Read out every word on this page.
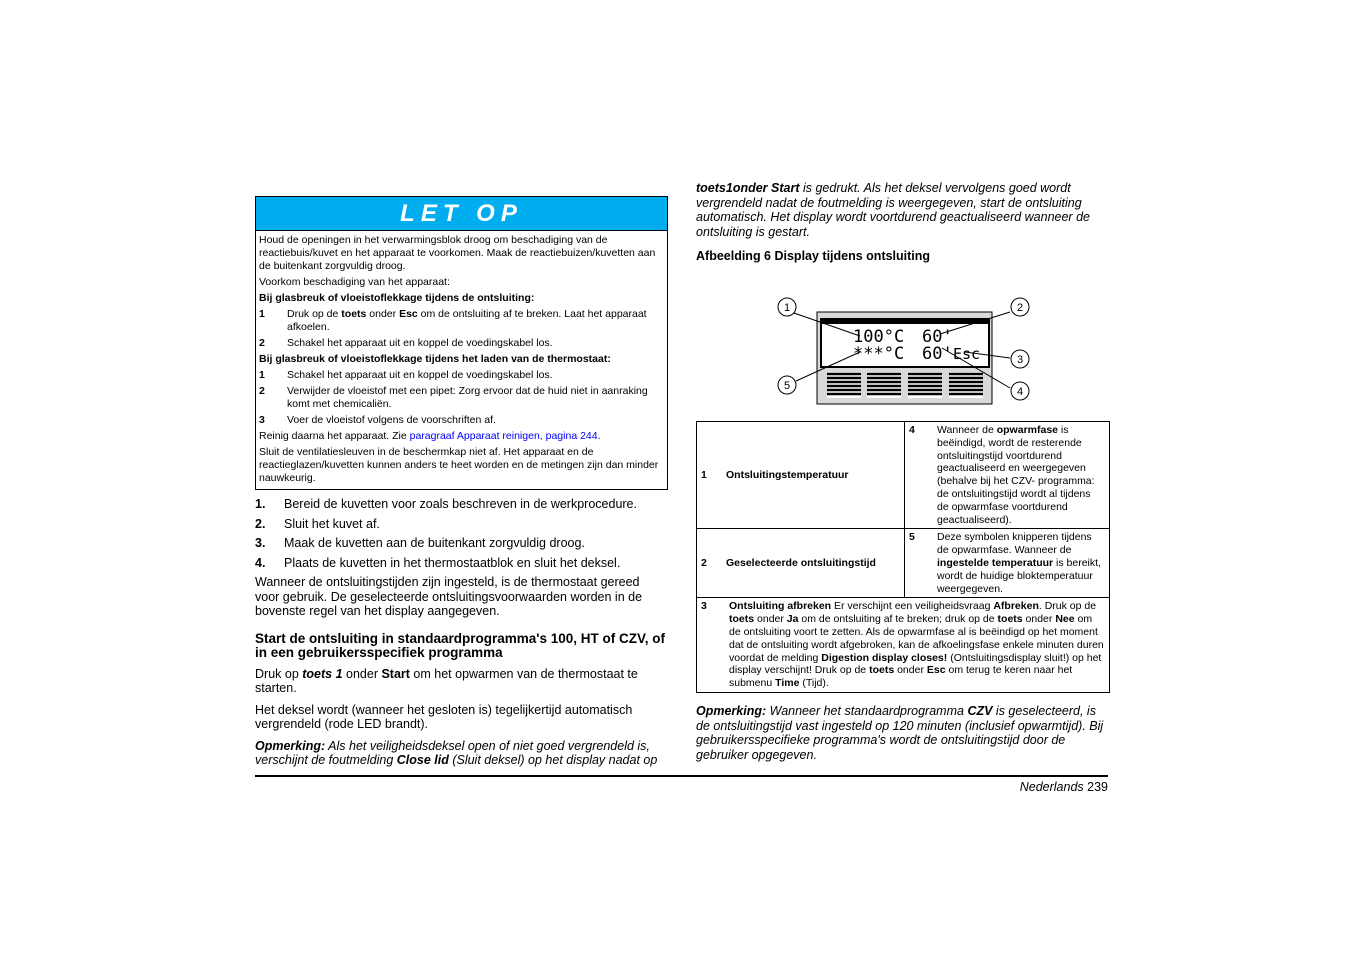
LET OP

Houd de openingen in het verwarmingsblok droog om beschadiging van de reactiebuis/kuvet en het apparaat te voorkomen. Maak de reactiebuizen/kuvetten aan de buitenkant zorgvuldig droog.

Voorkom beschadiging van het apparaat:

Bij glasbreuk of vloeistoflekkage tijdens de ontsluiting:

1	Druk op de toets onder Esc om de ontsluiting af te breken. Laat het apparaat afkoelen.
2	Schakel het apparaat uit en koppel de voedingskabel los.

Bij glasbreuk of vloeistoflekkage tijdens het laden van de thermostaat:

1	Schakel het apparaat uit en koppel de voedingskabel los.
2	Verwijder de vloeistof met een pipet: Zorg ervoor dat de huid niet in aanraking komt met chemicaliën.
3	Voer de vloeistof volgens de voorschriften af.

Reinig daarna het apparaat. Zie paragraaf Apparaat reinigen, pagina 244.

Sluit de ventilatiesleuven in de beschermkap niet af. Het apparaat en de reactieglazen/kuvetten kunnen anders te heet worden en de metingen zijn dan minder nauwkeurig.

1.	Bereid de kuvetten voor zoals beschreven in de werkprocedure.
2.	Sluit het kuvet af.
3.	Maak de kuvetten aan de buitenkant zorgvuldig droog.
4.	Plaats de kuvetten in het thermostaatblok en sluit het deksel.

Wanneer de ontsluitingstijden zijn ingesteld, is de thermostaat gereed voor gebruik. De geselecteerde ontsluitingsvoorwaarden worden in de bovenste regel van het display aangegeven.

Start de ontsluiting in standaardprogramma's 100, HT of CZV, of in een gebruikersspecifiek programma

Druk op toets 1 onder Start om het opwarmen van de thermostaat te starten.

Het deksel wordt (wanneer het gesloten is) tegelijkertijd automatisch vergrendeld (rode LED brandt).

Opmerking: Als het veiligheidsdeksel open of niet goed vergrendeld is, verschijnt de foutmelding Close lid (Sluit deksel) op het display nadat op

toets1onder Start is gedrukt. Als het deksel vervolgens goed wordt vergrendeld nadat de foutmelding is weergegeven, start de ontsluiting automatisch. Het display wordt voortdurend geactualiseerd wanneer de ontsluiting is gestart.

Afbeelding 6 Display tijdens ontsluiting

100°C 60'
***°C 60' Esc
1	2
3
4
5
1 Ontsluitingstemperatuur	4 Wanneer de opwarmfase is beëindigd, wordt de resterende ontsluitingstijd voortdurend geactualiseerd en weergegeven (behalve bij het CZV- programma: de ontsluitingstijd wordt al tijdens de opwarmfase voortdurend geactualiseerd).

2 Geselecteerde ontsluitingstijd	5 Deze symbolen knipperen tijdens de opwarmfase. Wanneer de ingestelde temperatuur is bereikt, wordt de huidige bloktemperatuur weergegeven.

3 Ontsluiting afbreken Er verschijnt een veiligheidsvraag Afbreken. Druk op de toets onder Ja om de ontsluiting af te breken; druk op de toets onder Nee om de ontsluiting voort te zetten. Als de opwarmfase al is beëindigd op het moment dat de ontsluiting wordt afgebroken, kan de afkoelingsfase enkele minuten duren voordat de melding Digestion display closes! (Ontsluitingsdisplay sluit!) op het display verschijnt! Druk op de toets onder Esc om terug te keren naar het submenu Time (Tijd).	
Opmerking: Wanneer het standaardprogramma CZV is geselecteerd, is de ontsluitingstijd vast ingesteld op 120 minuten (inclusief opwarmtijd). Bij gebruikersspecifieke programma's wordt de ontsluitingstijd door de gebruiker opgegeven.
Nederlands 239
